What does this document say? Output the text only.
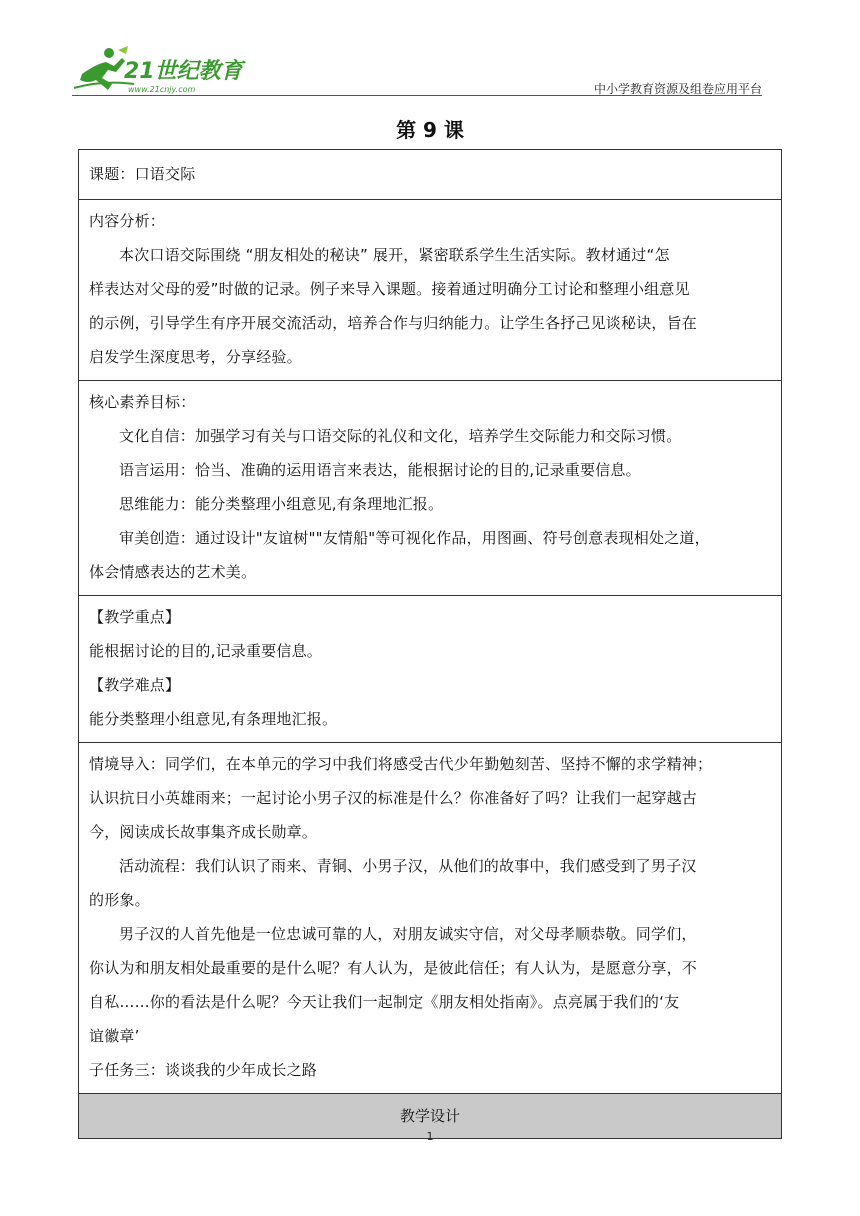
21世纪教育
www.21cnjy.com	中小学教育资源及组卷应用平台
第 9 课
课题：口语交际
内容分析：
本次口语交际围绕 “朋友相处的秘诀” 展开，紧密联系学生生活实际。教材通过“怎
样表达对父母的爱”时做的记录。例子来导入课题。接着通过明确分工讨论和整理小组意见
的示例，引导学生有序开展交流活动，培养合作与归纳能力。让学生各抒己见谈秘诀，旨在
启发学生深度思考，分享经验。
核心素养目标：
文化自信：加强学习有关与口语交际的礼仪和文化，培养学生交际能力和交际习惯。
语言运用：恰当、准确的运用语言来表达，能根据讨论的目的,记录重要信息。
思维能力：能分类整理小组意见,有条理地汇报。
审美创造：通过设计"友谊树""友情船"等可视化作品，用图画、符号创意表现相处之道，
体会情感表达的艺术美。
【教学重点】
能根据讨论的目的,记录重要信息。
【教学难点】
能分类整理小组意见,有条理地汇报。
情境导入：同学们，在本单元的学习中我们将感受古代少年勤勉刻苦、坚持不懈的求学精神；
认识抗日小英雄雨来；一起讨论小男子汉的标准是什么？你准备好了吗？让我们一起穿越古
今，阅读成长故事集齐成长勋章。
活动流程：我们认识了雨来、青铜、小男子汉，从他们的故事中，我们感受到了男子汉
的形象。
男子汉的人首先他是一位忠诚可靠的人，对朋友诚实守信，对父母孝顺恭敬。同学们，
你认为和朋友相处最重要的是什么呢？有人认为，是彼此信任；有人认为，是愿意分享，不
自私……你的看法是什么呢？今天让我们一起制定《朋友相处指南》。点亮属于我们的‘友
谊徽章’
子任务三：谈谈我的少年成长之路
教学设计
1
